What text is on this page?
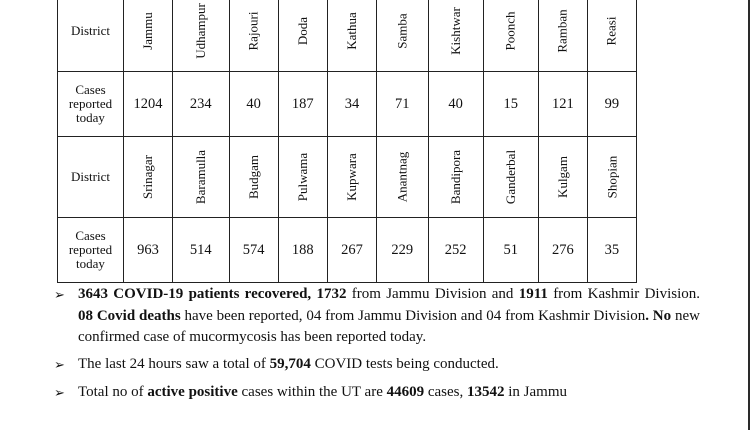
District	Jammu	Udhampur	Rajouri	Doda	Kathua	Samba	Kishtwar	Poonch	Ramban	Reasi
Cases
reported
today	1204	234	40	187	34	71	40	15	121	99
District	Srinagar	Baramulla	Budgam	Pulwama	Kupwara	Anantnag	Bandipora	Ganderbal	Kulgam	Shopian
Cases
reported
today	963	514	574	188	267	229	252	51	276	35
➢ 3643 COVID-19 patients recovered, 1732 from Jammu Division and 1911 from Kashmir Division. 08 Covid deaths have been reported, 04 from Jammu Division and 04 from Kashmir Division. No new confirmed case of mucormycosis has been reported today.
➢ The last 24 hours saw a total of 59,704 COVID tests being conducted.
➢ Total no of active positive cases within the UT are 44609 cases, 13542 in Jammu
